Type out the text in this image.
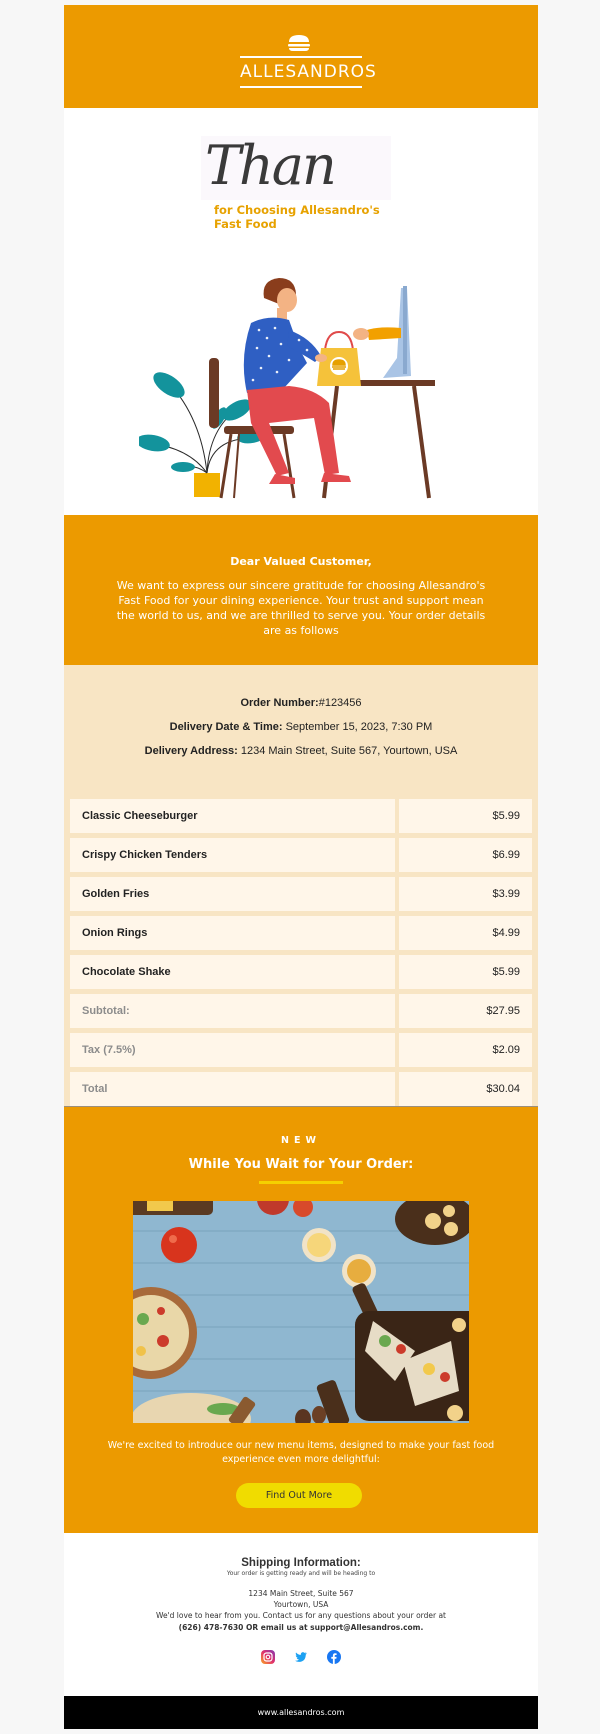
ALLESANDROS
Than
for Choosing Allesandro's Fast Food
Dear Valued Customer,
We want to express our sincere gratitude for choosing Allesandro's Fast Food for your dining experience. Your trust and support mean the world to us, and we are thrilled to serve you. Your order details are as follows
Order Number:#123456
Delivery Date & Time: September 15, 2023, 7:30 PM
Delivery Address: 1234 Main Street, Suite 567, Yourtown, USA
Classic Cheeseburger	$5.99
Crispy Chicken Tenders	$6.99
Golden Fries	$3.99
Onion Rings	$4.99
Chocolate Shake	$5.99
Subtotal:	$27.95
Tax (7.5%)	$2.09
Total	$30.04
NEW
While You Wait for Your Order:
We're excited to introduce our new menu items, designed to make your fast food experience even more delightful:
Find Out More
Shipping Information:
Your order is getting ready and will be heading to
1234 Main Street, Suite 567
Yourtown, USA
We'd love to hear from you. Contact us for any questions about your order at
(626) 478-7630 OR email us at support@Allesandros.com.
www.allesandros.com
